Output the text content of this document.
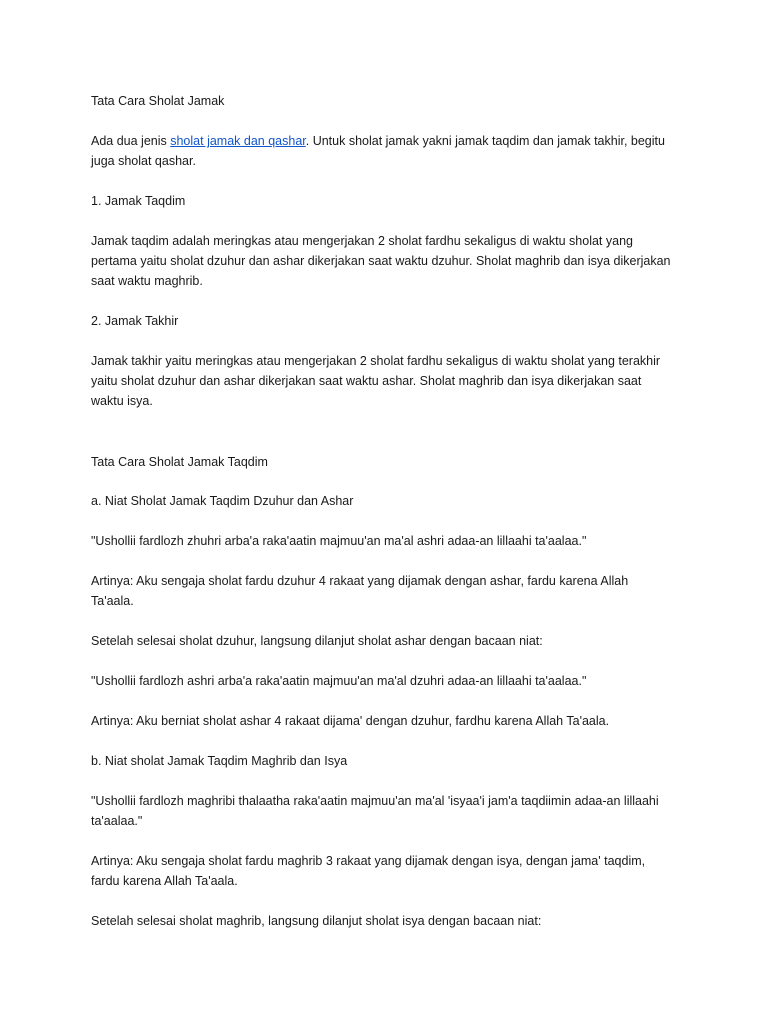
Tata Cara Sholat Jamak
Ada dua jenis sholat jamak dan qashar. Untuk sholat jamak yakni jamak taqdim dan jamak takhir, begitu
juga sholat qashar.
1. Jamak Taqdim
Jamak taqdim adalah meringkas atau mengerjakan 2 sholat fardhu sekaligus di waktu sholat yang
pertama yaitu sholat dzuhur dan ashar dikerjakan saat waktu dzuhur. Sholat maghrib dan isya dikerjakan
saat waktu maghrib.
2. Jamak Takhir
Jamak takhir yaitu meringkas atau mengerjakan 2 sholat fardhu sekaligus di waktu sholat yang terakhir
yaitu sholat dzuhur dan ashar dikerjakan saat waktu ashar. Sholat maghrib dan isya dikerjakan saat
waktu isya.
Tata Cara Sholat Jamak Taqdim
a. Niat Sholat Jamak Taqdim Dzuhur dan Ashar
"Ushollii fardlozh zhuhri arba'a raka'aatin majmuu'an ma'al ashri adaa-an lillaahi ta'aalaa."
Artinya: Aku sengaja sholat fardu dzuhur 4 rakaat yang dijamak dengan ashar, fardu karena Allah
Ta'aala.
Setelah selesai sholat dzuhur, langsung dilanjut sholat ashar dengan bacaan niat:
"Ushollii fardlozh ashri arba'a raka'aatin majmuu'an ma'al dzuhri adaa-an lillaahi ta'aalaa."
Artinya: Aku berniat sholat ashar 4 rakaat dijama' dengan dzuhur, fardhu karena Allah Ta'aala.
b. Niat sholat Jamak Taqdim Maghrib dan Isya
"Ushollii fardlozh maghribi thalaatha raka'aatin majmuu'an ma'al 'isyaa'i jam'a taqdiimin adaa-an lillaahi
ta'aalaa."
Artinya: Aku sengaja sholat fardu maghrib 3 rakaat yang dijamak dengan isya, dengan jama' taqdim,
fardu karena Allah Ta'aala.
Setelah selesai sholat maghrib, langsung dilanjut sholat isya dengan bacaan niat:
